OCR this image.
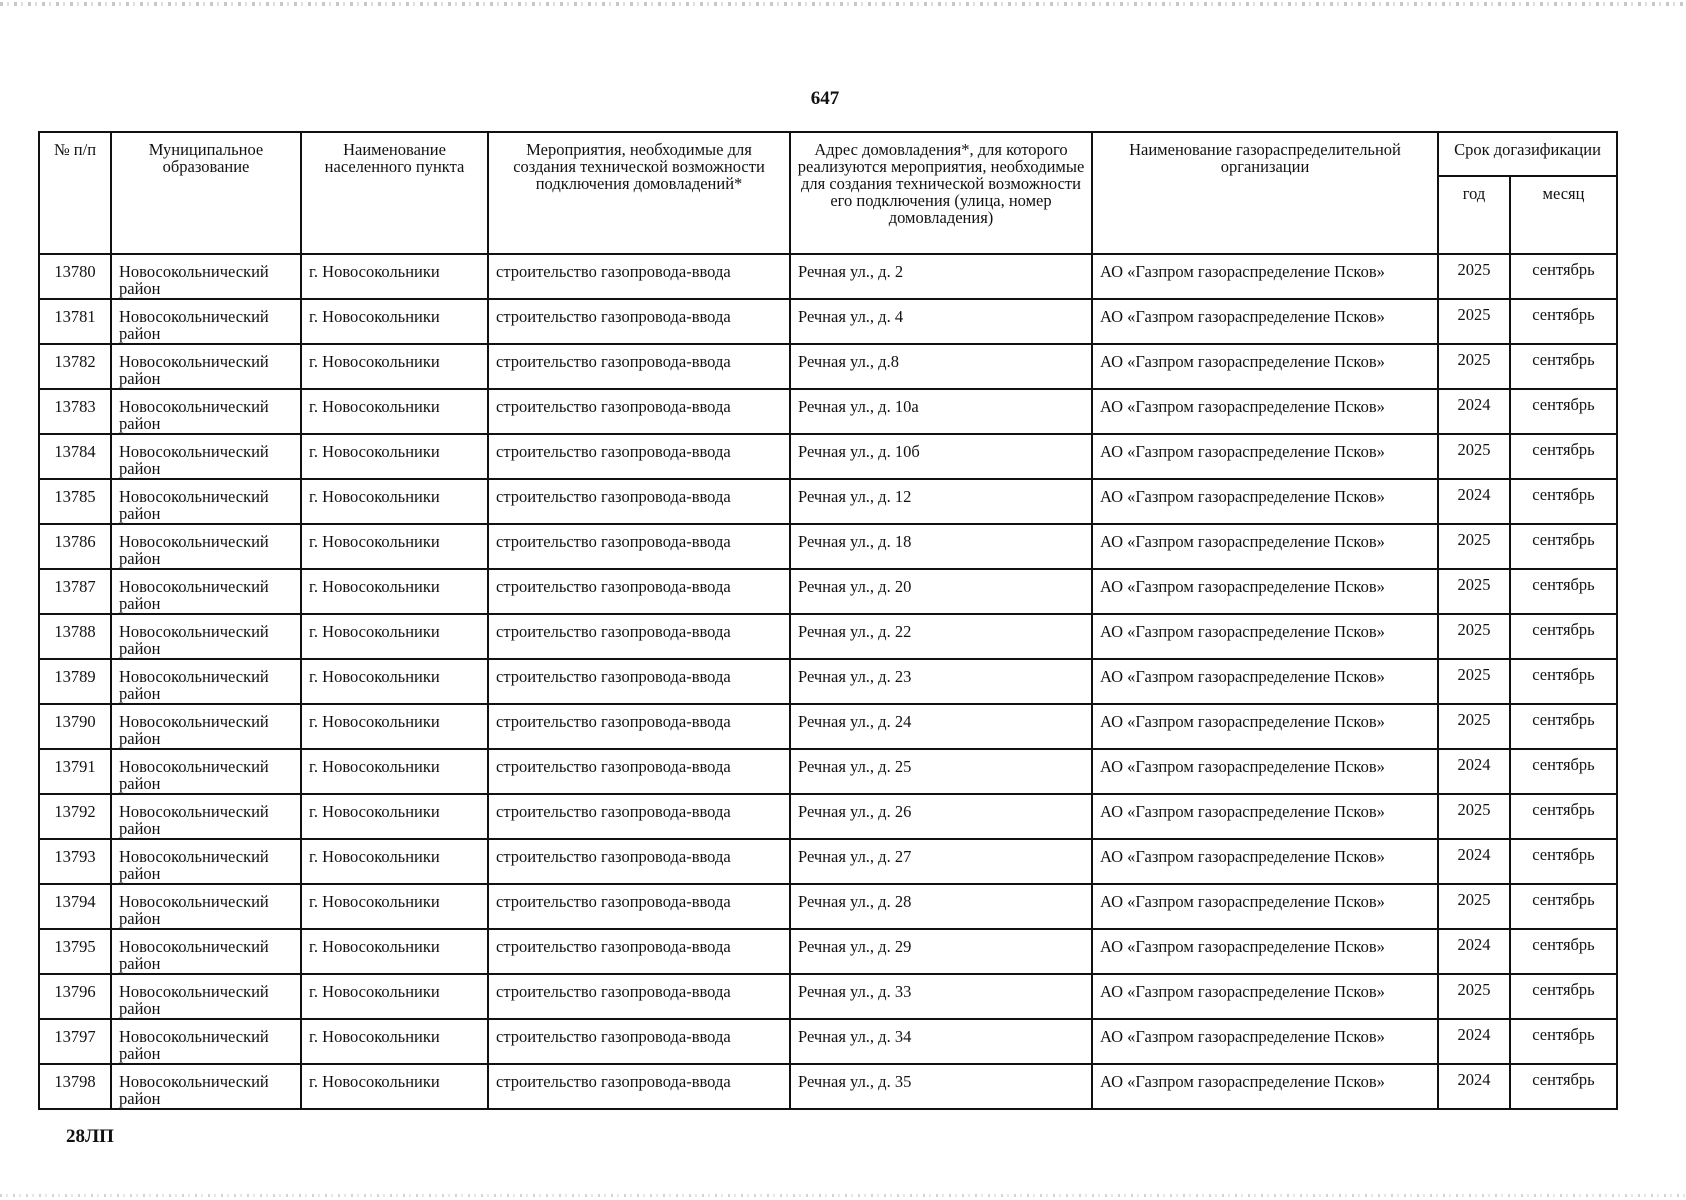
647
№ п/п	Муниципальное образование	Наименование населенного пункта	Мероприятия, необходимые для создания технической возможности подключения домовладений*	Адрес домовладения*, для которого реализуются мероприятия, необходимые для создания технической возможности его подключения (улица, номер домовладения)	Наименование газораспределительной организации	Срок догазификации	
						год	месяц
13780	Новосокольнический район	г. Новосокольники	строительство газопровода-ввода	Речная ул., д. 2	АО «Газпром газораспределение Псков»	2025	сентябрь
13781	Новосокольнический район	г. Новосокольники	строительство газопровода-ввода	Речная ул., д. 4	АО «Газпром газораспределение Псков»	2025	сентябрь
13782	Новосокольнический район	г. Новосокольники	строительство газопровода-ввода	Речная ул., д.8	АО «Газпром газораспределение Псков»	2025	сентябрь
13783	Новосокольнический район	г. Новосокольники	строительство газопровода-ввода	Речная ул., д. 10а	АО «Газпром газораспределение Псков»	2024	сентябрь
13784	Новосокольнический район	г. Новосокольники	строительство газопровода-ввода	Речная ул., д. 10б	АО «Газпром газораспределение Псков»	2025	сентябрь
13785	Новосокольнический район	г. Новосокольники	строительство газопровода-ввода	Речная ул., д. 12	АО «Газпром газораспределение Псков»	2024	сентябрь
13786	Новосокольнический район	г. Новосокольники	строительство газопровода-ввода	Речная ул., д. 18	АО «Газпром газораспределение Псков»	2025	сентябрь
13787	Новосокольнический район	г. Новосокольники	строительство газопровода-ввода	Речная ул., д. 20	АО «Газпром газораспределение Псков»	2025	сентябрь
13788	Новосокольнический район	г. Новосокольники	строительство газопровода-ввода	Речная ул., д. 22	АО «Газпром газораспределение Псков»	2025	сентябрь
13789	Новосокольнический район	г. Новосокольники	строительство газопровода-ввода	Речная ул., д. 23	АО «Газпром газораспределение Псков»	2025	сентябрь
13790	Новосокольнический район	г. Новосокольники	строительство газопровода-ввода	Речная ул., д. 24	АО «Газпром газораспределение Псков»	2025	сентябрь
13791	Новосокольнический район	г. Новосокольники	строительство газопровода-ввода	Речная ул., д. 25	АО «Газпром газораспределение Псков»	2024	сентябрь
13792	Новосокольнический район	г. Новосокольники	строительство газопровода-ввода	Речная ул., д. 26	АО «Газпром газораспределение Псков»	2025	сентябрь
13793	Новосокольнический район	г. Новосокольники	строительство газопровода-ввода	Речная ул., д. 27	АО «Газпром газораспределение Псков»	2024	сентябрь
13794	Новосокольнический район	г. Новосокольники	строительство газопровода-ввода	Речная ул., д. 28	АО «Газпром газораспределение Псков»	2025	сентябрь
13795	Новосокольнический район	г. Новосокольники	строительство газопровода-ввода	Речная ул., д. 29	АО «Газпром газораспределение Псков»	2024	сентябрь
13796	Новосокольнический район	г. Новосокольники	строительство газопровода-ввода	Речная ул., д. 33	АО «Газпром газораспределение Псков»	2025	сентябрь
13797	Новосокольнический район	г. Новосокольники	строительство газопровода-ввода	Речная ул., д. 34	АО «Газпром газораспределение Псков»	2024	сентябрь
13798	Новосокольнический район	г. Новосокольники	строительство газопровода-ввода	Речная ул., д. 35	АО «Газпром газораспределение Псков»	2024	сентябрь
28ЛП
